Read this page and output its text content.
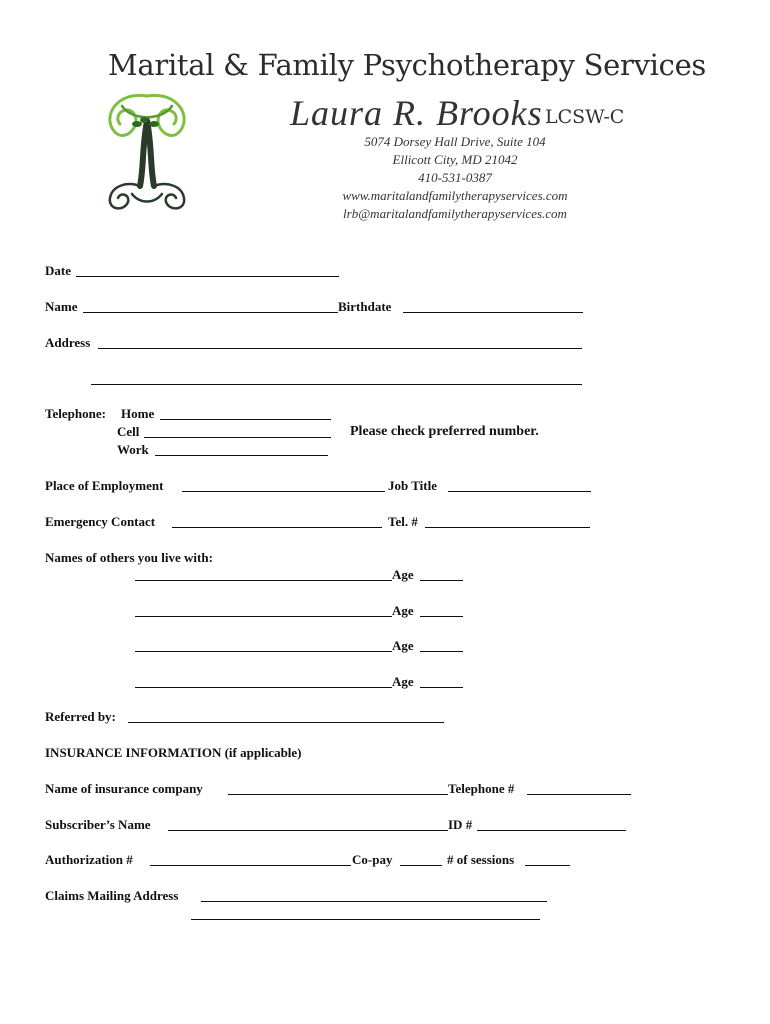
Marital & Family Psychotherapy Services
Laura R. Brooks LCSW-C
5074 Dorsey Hall Drive, Suite 104
Ellicott City, MD 21042
410-531-0387
www.maritalandfamilytherapyservices.com
lrb@maritalandfamilytherapyservices.com
Date
Name	Birthdate
Address
Telephone: Home
Cell	Please check preferred number.
Work
Place of Employment	Job Title
Emergency Contact	Tel. #
Names of others you live with:
Age
Age
Age
Age
Referred by:
INSURANCE INFORMATION (if applicable)
Name of insurance company	Telephone #
Subscriber’s Name	ID #
Authorization #	Co-pay	# of sessions
Claims Mailing Address
